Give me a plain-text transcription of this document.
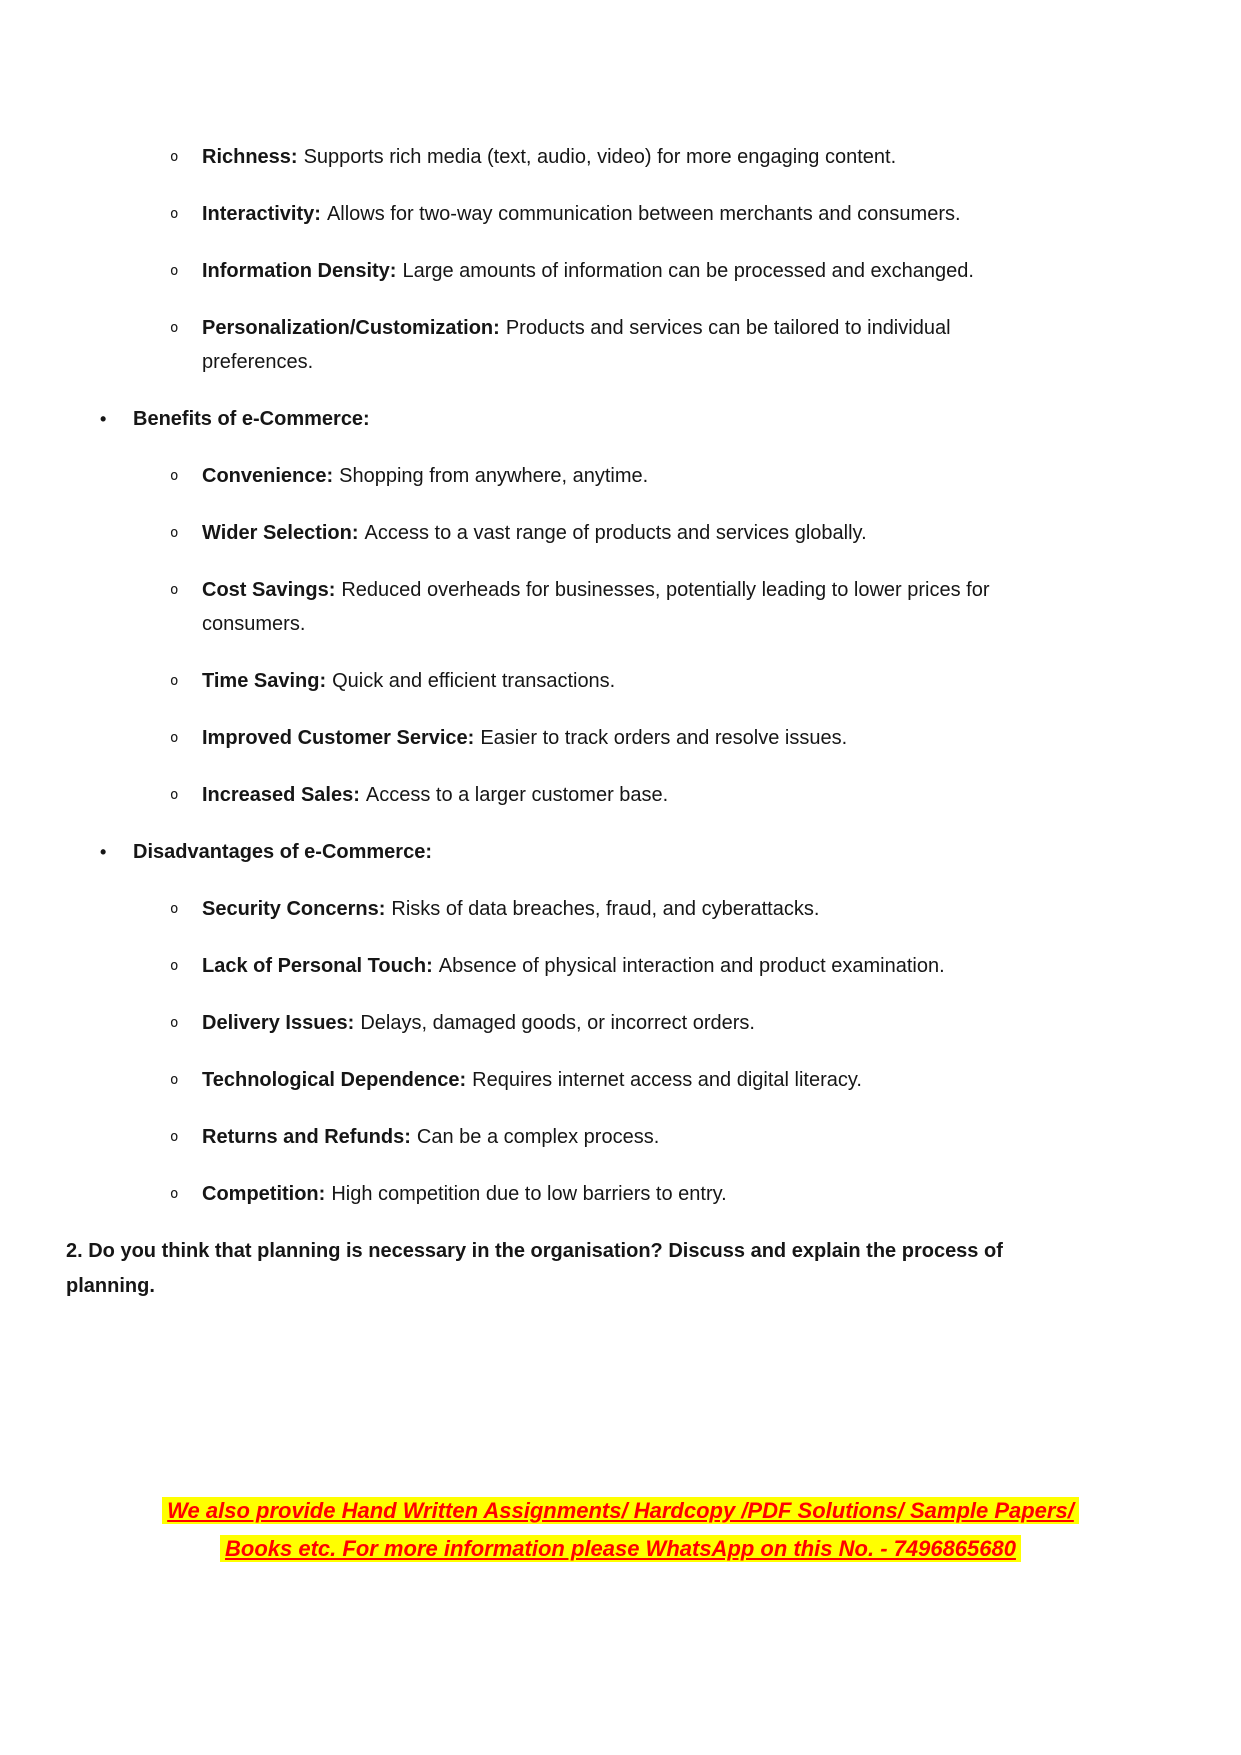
o	Richness: Supports rich media (text, audio, video) for more engaging content.
o	Interactivity: Allows for two-way communication between merchants and consumers.
o	Information Density: Large amounts of information can be processed and exchanged.
o	Personalization/Customization: Products and services can be tailored to individual preferences.
•	Benefits of e-Commerce:
o	Convenience: Shopping from anywhere, anytime.
o	Wider Selection: Access to a vast range of products and services globally.
o	Cost Savings: Reduced overheads for businesses, potentially leading to lower prices for consumers.
o	Time Saving: Quick and efficient transactions.
o	Improved Customer Service: Easier to track orders and resolve issues.
o	Increased Sales: Access to a larger customer base.
•	Disadvantages of e-Commerce:
o	Security Concerns: Risks of data breaches, fraud, and cyberattacks.
o	Lack of Personal Touch: Absence of physical interaction and product examination.
o	Delivery Issues: Delays, damaged goods, or incorrect orders.
o	Technological Dependence: Requires internet access and digital literacy.
o	Returns and Refunds: Can be a complex process.
o	Competition: High competition due to low barriers to entry.
2. Do you think that planning is necessary in the organisation? Discuss and explain the process of planning.
We also provide Hand Written Assignments/ Hardcopy /PDF Solutions/ Sample Papers/
Books etc. For more information please WhatsApp on this No. - 7496865680
